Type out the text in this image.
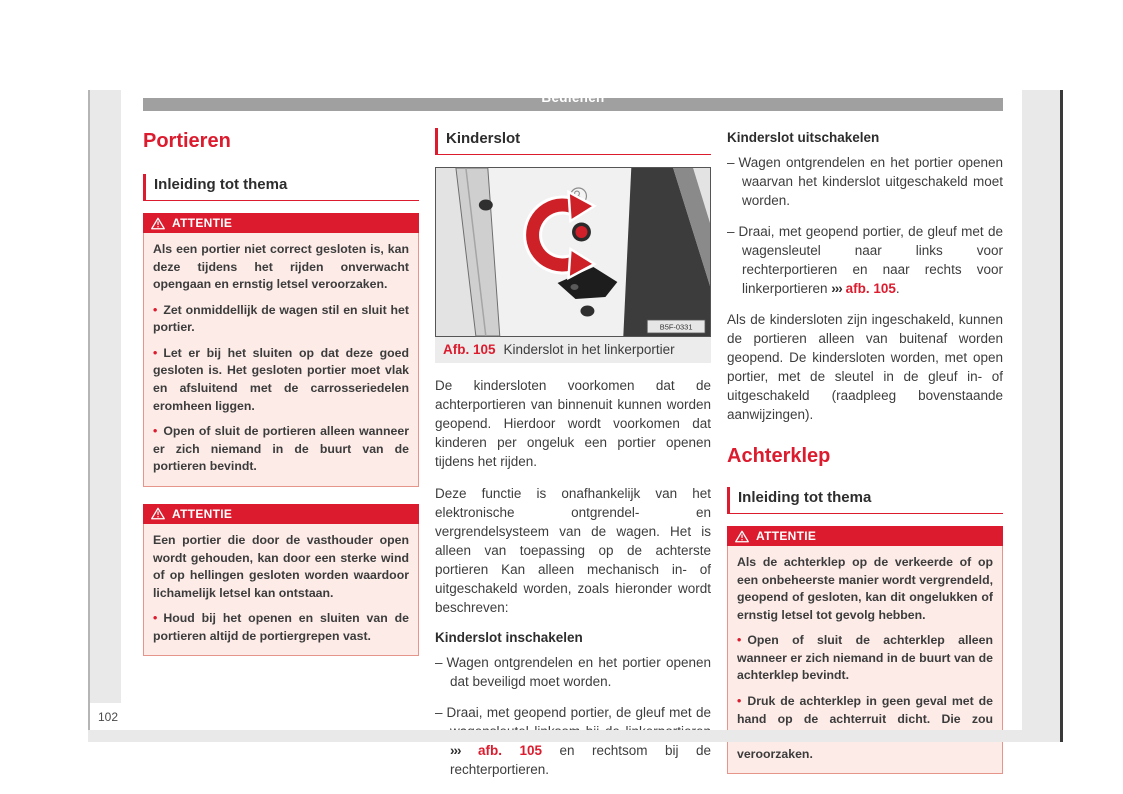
102
Bedienen
Portieren
Inleiding tot thema
ATTENTIE

Als een portier niet correct gesloten is, kan deze tijdens het rijden onverwacht opengaan en ernstig letsel veroorzaken.

• Zet onmiddellijk de wagen stil en sluit het portier.

• Let er bij het sluiten op dat deze goed gesloten is. Het gesloten portier moet vlak en afsluitend met de carrosseriedelen eromheen liggen.

• Open of sluit de portieren alleen wanneer er zich niemand in de buurt van de portieren bevindt.

ATTENTIE

Een portier die door de vasthouder open wordt gehouden, kan door een sterke wind of op hellingen gesloten worden waardoor lichamelijk letsel kan ontstaan.

• Houd bij het openen en sluiten van de portieren altijd de portiergrepen vast.

Kinderslot
B5F-0331
Afb. 105 Kinderslot in het linkerportier

De kindersloten voorkomen dat de achterportieren van binnenuit kunnen worden geopend. Hierdoor wordt voorkomen dat kinderen per ongeluk een portier openen tijdens het rijden.

Deze functie is onafhankelijk van het elektronische ontgrendel- en vergrendelsysteem van de wagen. Het is alleen van toepassing op de achterste portieren Kan alleen mechanisch in- of uitgeschakeld worden, zoals hieronder wordt beschreven:

Kinderslot inschakelen
– Wagen ontgrendelen en het portier openen dat beveiligd moet worden.
– Draai, met geopend portier, de gleuf met de ››› afb. 105 en rechtsom bij de rechterportieren.
Kinderslot uitschakelen
– Wagen ontgrendelen en het portier openen waarvan het kinderslot uitgeschakeld moet worden.
– Draai, met geopend portier, de gleuf met de wagensleutel naar links voor rechterportieren en naar rechts voor linkerportieren ››› afb. 105.

Als de kindersloten zijn ingeschakeld, kunnen de portieren alleen van buitenaf worden geopend. De kindersloten worden, met open portier, met de sleutel in de gleuf in- of uitgeschakeld (raadpleeg bovenstaande aanwijzingen).

Achterklep
Inleiding tot thema
ATTENTIE

Als de achterklep op de verkeerde of op een onbeheerste manier wordt vergrendeld, geopend of gesloten, kan dit ongelukken of ernstig letsel tot gevolg hebben.

• Open of sluit de achterklep alleen wanneer er zich niemand in de buurt van de achterklep bevindt.

• Druk de achterklep in geen geval met de hand op de achterruit dicht. Die zou veroorzaken.
